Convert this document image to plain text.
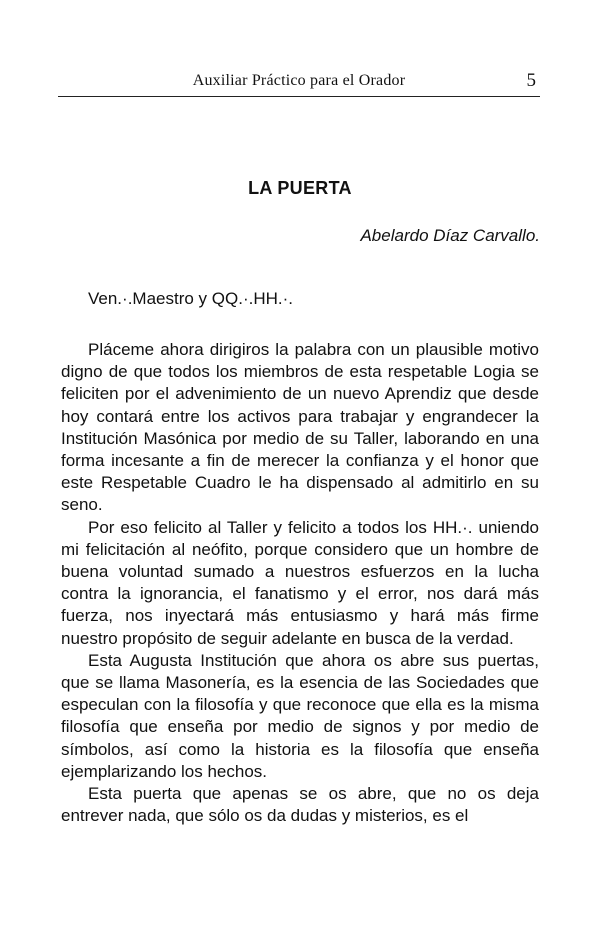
Auxiliar Práctico para el Orador	5
LA PUERTA
Abelardo Díaz Carvallo.
Ven.·.Maestro y QQ.·.HH.·.

Pláceme ahora dirigiros la palabra con un plausible motivo digno de que todos los miembros de esta respetable Logia se feliciten por el advenimiento de un nuevo Aprendiz que desde hoy contará entre los activos para trabajar y engrandecer la Institución Masónica por medio de su Taller, laborando en una forma incesante a fin de merecer la confianza y el honor que este Respetable Cuadro le ha dispensado al admitirlo en su seno.

Por eso felicito al Taller y felicito a todos los HH.·. uniendo mi felicitación al neófito, porque considero que un hombre de buena voluntad sumado a nuestros esfuerzos en la lucha contra la ignorancia, el fanatismo y el error, nos dará más fuerza, nos inyectará más entusiasmo y hará más firme nuestro propósito de seguir adelante en busca de la verdad.

Esta Augusta Institución que ahora os abre sus puertas, que se llama Masonería, es la esencia de las Sociedades que especulan con la filosofía y que reconoce que ella es la misma filosofía que enseña por medio de signos y por medio de símbolos, así como la historia es la filosofía que enseña ejemplarizando los hechos.

Esta puerta que apenas se os abre, que no os deja entrever nada, que sólo os da dudas y misterios, es el
